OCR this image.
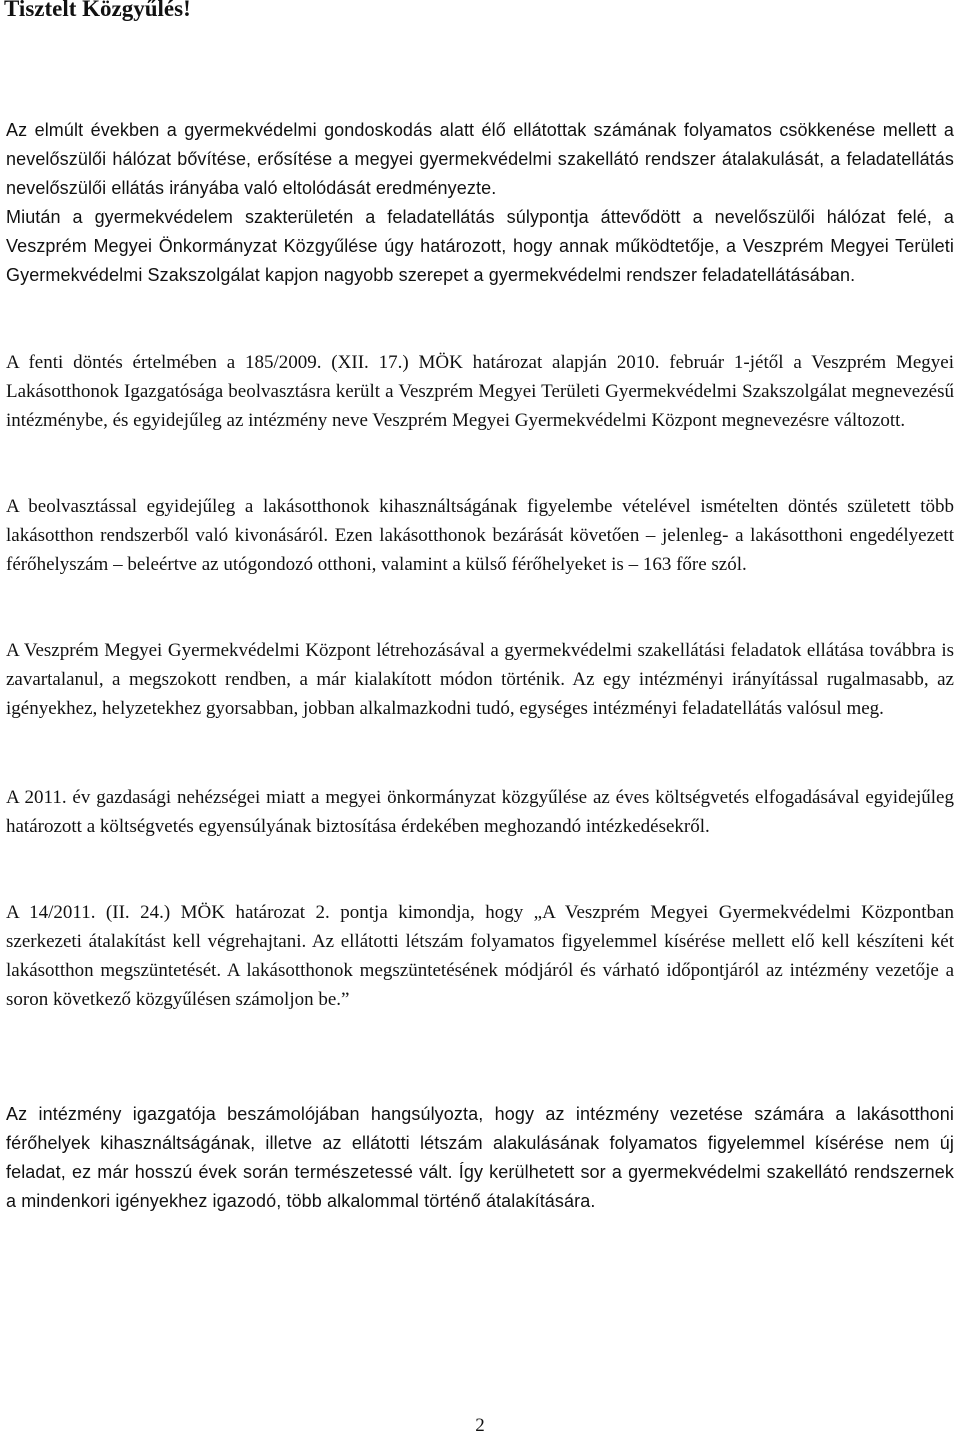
Tisztelt Közgyűlés!

Az elmúlt években a gyermekvédelmi gondoskodás alatt élő ellátottak számának folyamatos csökkenése mellett a nevelőszülői hálózat bővítése, erősítése a megyei gyermekvédelmi szakellátó rendszer átalakulását, a feladatellátás nevelőszülői ellátás irányába való eltolódását eredményezte.

Miután a gyermekvédelem szakterületén a feladatellátás súlypontja áttevődött a nevelőszülői hálózat felé, a Veszprém Megyei Önkormányzat Közgyűlése úgy határozott, hogy annak működtetője, a Veszprém Megyei Területi Gyermekvédelmi Szakszolgálat kapjon nagyobb szerepet a gyermekvédelmi rendszer feladatellátásában.

A fenti döntés értelmében a 185/2009. (XII. 17.) MÖK határozat alapján 2010. február 1-jétől a Veszprém Megyei Lakásotthonok Igazgatósága beolvasztásra került a Veszprém Megyei Területi Gyermekvédelmi Szakszolgálat megnevezésű intézménybe, és egyidejűleg az intézmény neve Veszprém Megyei Gyermekvédelmi Központ megnevezésre változott.

A beolvasztással egyidejűleg a lakásotthonok kihasználtságának figyelembe vételével ismételten döntés született több lakásotthon rendszerből való kivonásáról. Ezen lakásotthonok bezárását követően – jelenleg- a lakásotthoni engedélyezett férőhelyszám – beleértve az utógondozó otthoni, valamint a külső férőhelyeket is – 163 főre szól.

A Veszprém Megyei Gyermekvédelmi Központ létrehozásával a gyermekvédelmi szakellátási feladatok ellátása továbbra is zavartalanul, a megszokott rendben, a már kialakított módon történik. Az egy intézményi irányítással rugalmasabb, az igényekhez, helyzetekhez gyorsabban, jobban alkalmazkodni tudó, egységes intézményi feladatellátás valósul meg.

A 2011. év gazdasági nehézségei miatt a megyei önkormányzat közgyűlése az éves költségvetés elfogadásával egyidejűleg határozott a költségvetés egyensúlyának biztosítása érdekében meghozandó intézkedésekről.

A 14/2011. (II. 24.) MÖK határozat 2. pontja kimondja, hogy „A Veszprém Megyei Gyermekvédelmi Központban szerkezeti átalakítást kell végrehajtani. Az ellátotti létszám folyamatos figyelemmel kísérése mellett elő kell készíteni két lakásotthon megszüntetését. A lakásotthonok megszüntetésének módjáról és várható időpontjáról az intézmény vezetője a soron következő közgyűlésen számoljon be.”

Az intézmény igazgatója beszámolójában hangsúlyozta, hogy az intézmény vezetése számára a lakásotthoni férőhelyek kihasználtságának, illetve az ellátotti létszám alakulásának folyamatos figyelemmel kísérése nem új feladat, ez már hosszú évek során természetessé vált. Így kerülhetett sor a gyermekvédelmi szakellátó rendszernek a mindenkori igényekhez igazodó, több alkalommal történő átalakítására.

2
